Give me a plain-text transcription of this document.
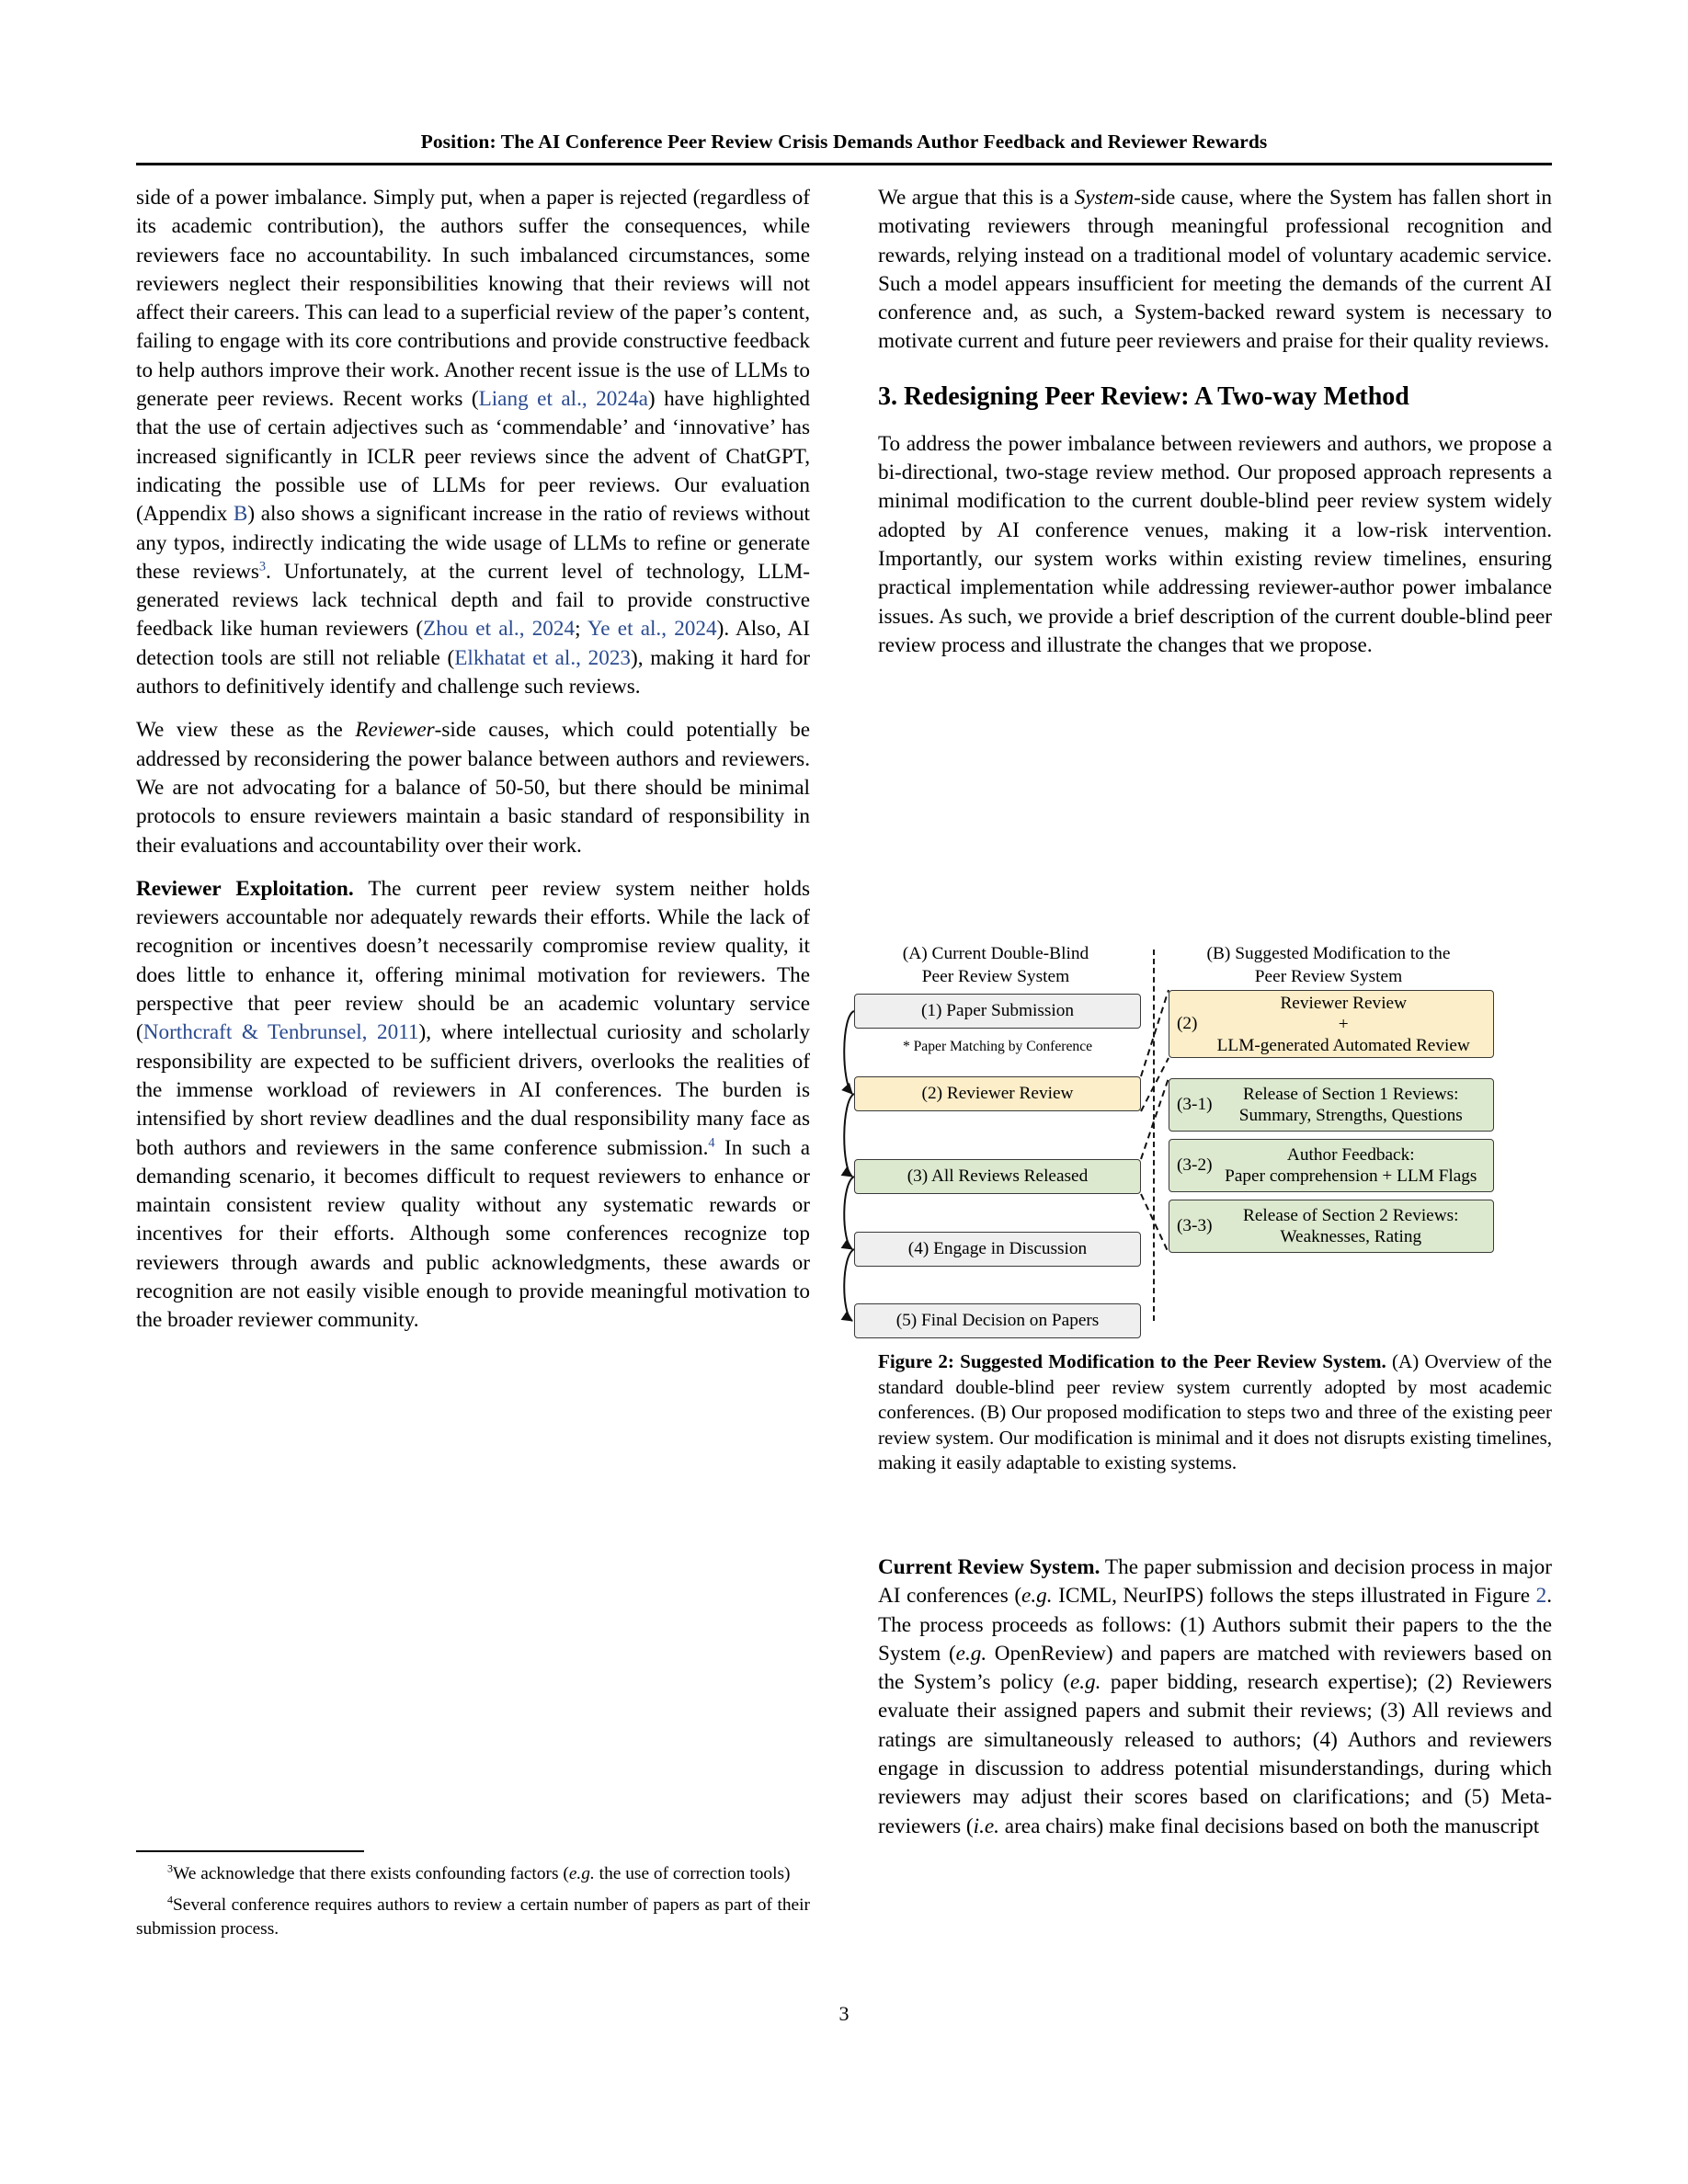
Position: The AI Conference Peer Review Crisis Demands Author Feedback and Reviewer Rewards

side of a power imbalance. Simply put, when a paper is rejected (regardless of its academic contribution), the authors suffer the consequences, while reviewers face no accountability. In such imbalanced circumstances, some reviewers neglect their responsibilities knowing that their reviews will not affect their careers. This can lead to a superficial review of the paper’s content, failing to engage with its core contributions and provide constructive feedback to help authors improve their work. Another recent issue is the use of LLMs to generate peer reviews. Recent works (Liang et al., 2024a) have highlighted that the use of certain adjectives such as ‘commendable’ and ‘innovative’ has increased significantly in ICLR peer reviews since the advent of ChatGPT, indicating the possible use of LLMs for peer reviews. Our evaluation (Appendix B) also shows a significant increase in the ratio of reviews without any typos, indirectly indicating the wide usage of LLMs to refine or generate these reviews$^3$. Unfortunately, at the current level of technology, LLM-generated reviews lack technical depth and fail to provide constructive feedback like human reviewers (Zhou et al., 2024; Ye et al., 2024). Also, AI detection tools are still not reliable (Elkhatat et al., 2023), making it hard for authors to definitively identify and challenge such reviews.

We view these as the Reviewer-side causes, which could potentially be addressed by reconsidering the power balance between authors and reviewers. We are not advocating for a balance of 50-50, but there should be minimal protocols to ensure reviewers maintain a basic standard of responsibility in their evaluations and accountability over their work.

Reviewer Exploitation. The current peer review system neither holds reviewers accountable nor adequately rewards their efforts. While the lack of recognition or incentives doesn’t necessarily compromise review quality, it does little to enhance it, offering minimal motivation for reviewers. The perspective that peer review should be an academic voluntary service (Northcraft & Tenbrunsel, 2011), where intellectual curiosity and scholarly responsibility are expected to be sufficient drivers, overlooks the realities of the immense workload of reviewers in AI conferences. The burden is intensified by short review deadlines and the dual responsibility many face as both authors and reviewers in the same conference submission.$^4$ In such a demanding scenario, it becomes difficult to request reviewers to enhance or maintain consistent review quality without any systematic rewards or incentives for their efforts. Although some conferences recognize top reviewers through awards and public acknowledgments, these awards or recognition are not easily visible enough to provide meaningful motivation to the broader reviewer community.

$^3$We acknowledge that there exists confounding factors (e.g. the use of correction tools)

$^4$Several conference requires authors to review a certain number of papers as part of their submission process.

We argue that this is a System-side cause, where the System has fallen short in motivating reviewers through meaningful professional recognition and rewards, relying instead on a traditional model of voluntary academic service. Such a model appears insufficient for meeting the demands of the current AI conference and, as such, a System-backed reward system is necessary to motivate current and future peer reviewers and praise for their quality reviews.

3. Redesigning Peer Review: A Two-way Method

To address the power imbalance between reviewers and authors, we propose a bi-directional, two-stage review method. Our proposed approach represents a minimal modification to the current double-blind peer review system widely adopted by AI conference venues, making it a low-risk intervention. Importantly, our system works within existing review timelines, ensuring practical implementation while addressing reviewer-author power imbalance issues. As such, we provide a brief description of the current double-blind peer review process and illustrate the changes that we propose.

(A) Current Double-Blind
Peer Review System
(B) Suggested Modification to the
Peer Review System
(1) Paper Submission
* Paper Matching by Conference
(2) Reviewer Review
(3) All Reviews Released
(4) Engage in Discussion
(5) Final Decision on Papers
(2)
Reviewer Review
+
LLM-generated Automated Review
(3-1)
Release of Section 1 Reviews:
Summary, Strengths, Questions
(3-2)
Author Feedback:
Paper comprehension + LLM Flags
(3-3)
Release of Section 2 Reviews:
Weaknesses, Rating
Figure 2: Suggested Modification to the Peer Review System. (A) Overview of the standard double-blind peer review system currently adopted by most academic conferences. (B) Our proposed modification to steps two and three of the existing peer review system. Our modification is minimal and it does not disrupts existing timelines, making it easily adaptable to existing systems.

Current Review System. The paper submission and decision process in major AI conferences (e.g. ICML, NeurIPS) follows the steps illustrated in Figure 2. The process proceeds as follows: (1) Authors submit their papers to the the System (e.g. OpenReview) and papers are matched with reviewers based on the System’s policy (e.g. paper bidding, research expertise); (2) Reviewers evaluate their assigned papers and submit their reviews; (3) All reviews and ratings are simultaneously released to authors; (4) Authors and reviewers engage in discussion to address potential misunderstandings, during which reviewers may adjust their scores based on clarifications; and (5) Meta-reviewers (i.e. area chairs) make final decisions based on both the manuscript

3
